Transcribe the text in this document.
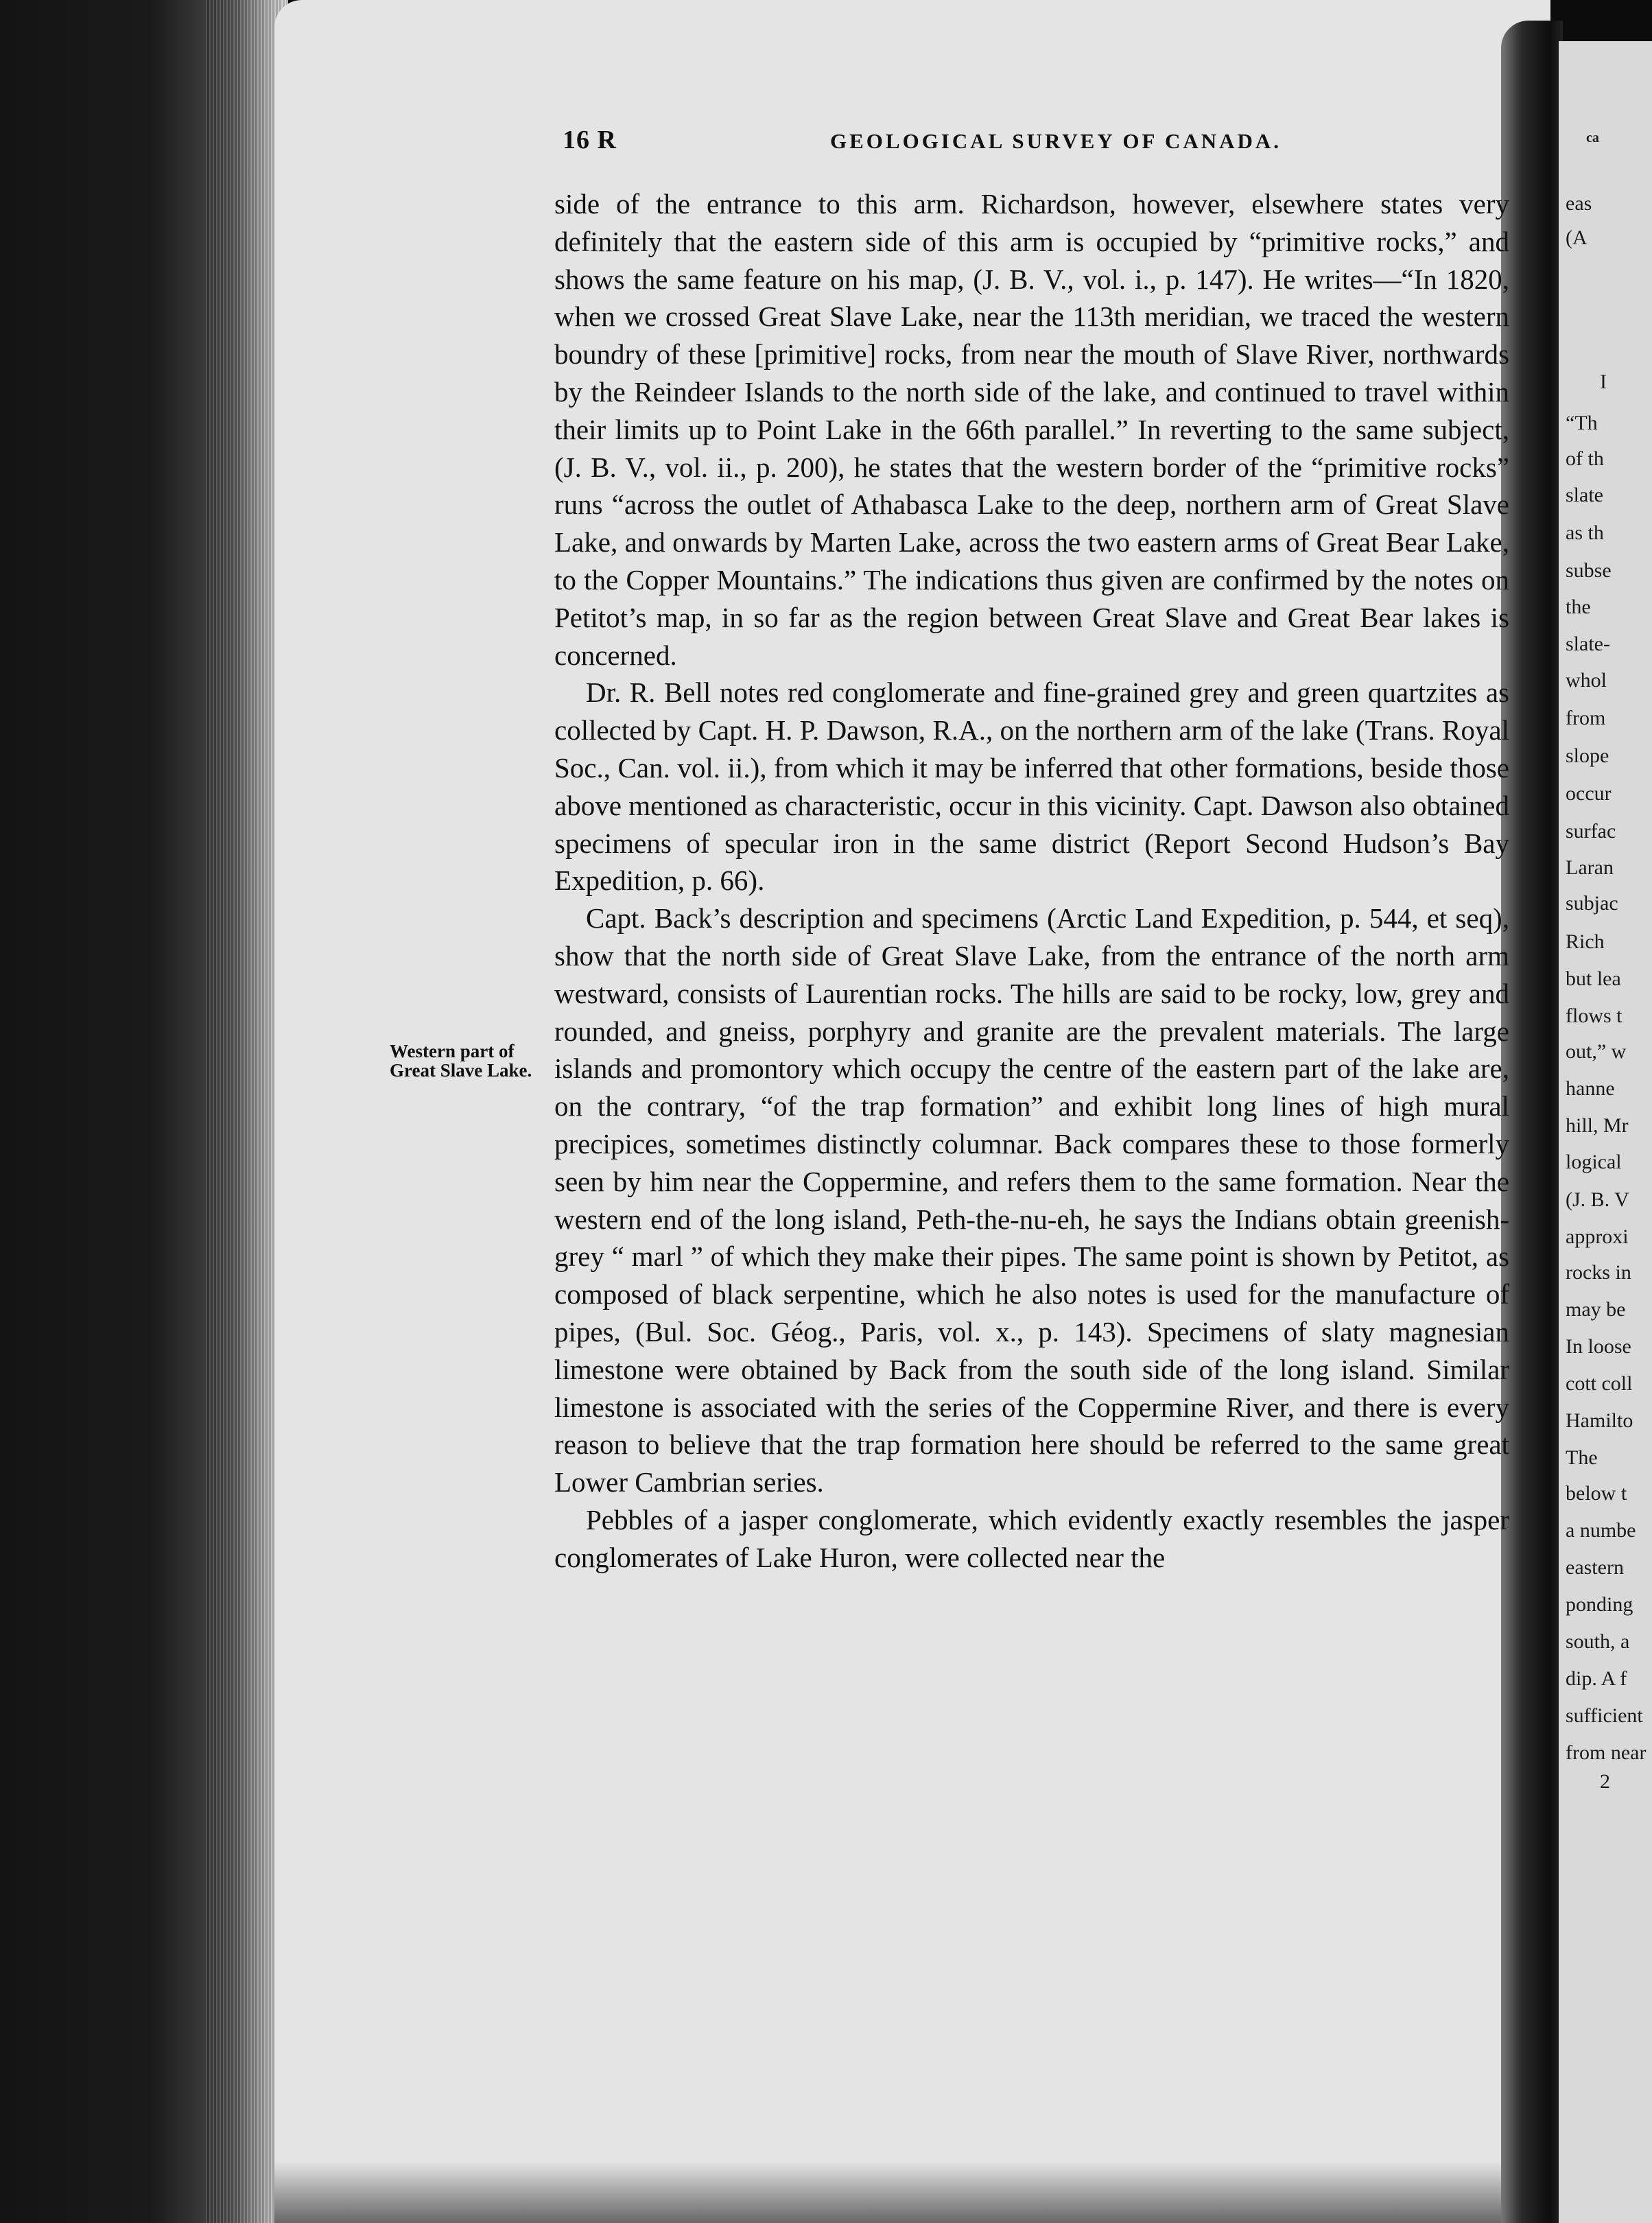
ca
eas
(A
I
“Th
of th
slate
as th
subse
the
slate-
whol
from
slope
occur
surfac
Laran
subjac
Rich
but lea
flows t
out,” w
hanne
hill, Mr
logical
(J. B. V
approxi
rocks in
may be
In loose
cott coll
Hamilto
The
below t
a numbe
eastern
ponding
south, a
dip. A f
sufficient
from near
2
16 R	GEOLOGICAL SURVEY OF CANADA.
Western part of Great Slave Lake.

side of the entrance to this arm. Richardson, however, elsewhere states very definitely that the eastern side of this arm is occupied by “primitive rocks,” and shows the same feature on his map, (J. B. V., vol. i., p. 147). He writes—“In 1820, when we crossed Great Slave Lake, near the 113th meridian, we traced the western boundry of these [primitive] rocks, from near the mouth of Slave River, northwards by the Reindeer Islands to the north side of the lake, and continued to travel within their limits up to Point Lake in the 66th parallel.” In reverting to the same subject, (J. B. V., vol. ii., p. 200), he states that the western border of the “primitive rocks” runs “across the outlet of Athabasca Lake to the deep, northern arm of Great Slave Lake, and onwards by Marten Lake, across the two eastern arms of Great Bear Lake, to the Copper Mountains.” The indications thus given are confirmed by the notes on Petitot’s map, in so far as the region between Great Slave and Great Bear lakes is concerned.

Dr. R. Bell notes red conglomerate and fine-grained grey and green quartzites as collected by Capt. H. P. Dawson, R.A., on the northern arm of the lake (Trans. Royal Soc., Can. vol. ii.), from which it may be inferred that other formations, beside those above mentioned as characteristic, occur in this vicinity. Capt. Dawson also obtained specimens of specular iron in the same district (Report Second Hudson’s Bay Expedition, p. 66).

Capt. Back’s description and specimens (Arctic Land Expedition, p. 544, et seq), show that the north side of Great Slave Lake, from the entrance of the north arm westward, consists of Laurentian rocks. The hills are said to be rocky, low, grey and rounded, and gneiss, porphyry and granite are the prevalent materials. The large islands and promontory which occupy the centre of the eastern part of the lake are, on the contrary, “of the trap formation” and exhibit long lines of high mural precipices, sometimes distinctly columnar. Back compares these to those formerly seen by him near the Coppermine, and refers them to the same formation. Near the western end of the long island, Peth-the-nu-eh, he says the Indians obtain greenish-grey “ marl ” of which they make their pipes. The same point is shown by Petitot, as composed of black serpentine, which he also notes is used for the manufacture of pipes, (Bul. Soc. Géog., Paris, vol. x., p. 143). Specimens of slaty magnesian limestone were obtained by Back from the south side of the long island. Similar limestone is associated with the series of the Coppermine River, and there is every reason to believe that the trap formation here should be referred to the same great Lower Cambrian series.

Pebbles of a jasper conglomerate, which evidently exactly resembles the jasper conglomerates of Lake Huron, were collected near the
